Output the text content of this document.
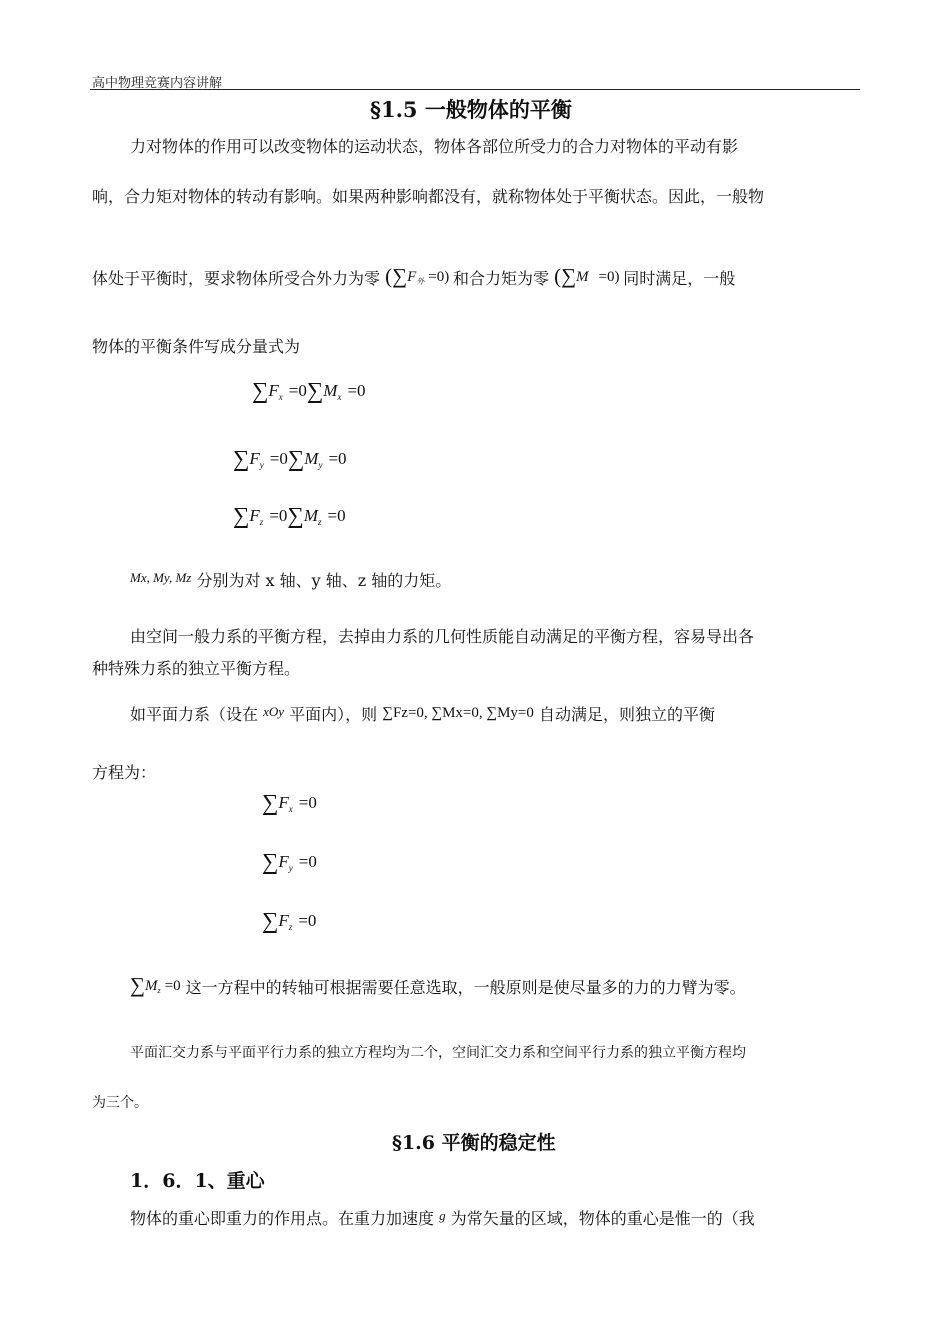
高中物理竞赛内容讲解
§1.5 一般物体的平衡
力对物体的作用可以改变物体的运动状态，物体各部位所受力的合力对物体的平动有影
响，合力矩对物体的转动有影响。如果两种影响都没有，就称物体处于平衡状态。因此，一般物
体处于平衡时，要求物体所受合外力为零 $(\sum F_外 =0)$ 和合力矩为零 (∑M =0) 同时满足，一般
物体的平衡条件写成分量式为
$\sum F_x =0\sum M_x =0$
$\sum F_y =0\sum M_y =0$
$\sum F_z =0\sum M_z =0$
$^{Mx, My, Mz}$ 分别为对 x 轴、y 轴、z 轴的力矩。
由空间一般力系的平衡方程，去掉由力系的几何性质能自动满足的平衡方程，容易导出各
种特殊力系的独立平衡方程。
如平面力系（设在 $^{xOy}$ 平面内），则 ∑Fz=0, ∑Mx=0, ∑My=0 自动满足，则独立的平衡
方程为：
$\sum F_x =0$
$\sum F_y =0$
$\sum F_z =0$
$\sum M_z =0$ 这一方程中的转轴可根据需要任意选取，一般原则是使尽量多的力的力臂为零。
平面汇交力系与平面平行力系的独立方程均为二个，空间汇交力系和空间平行力系的独立平衡方程均
为三个。
§1.6 平衡的稳定性
1．6．1、重心
物体的重心即重力的作用点。在重力加速度 $^g$ 为常矢量的区域，物体的重心是惟一的（我
